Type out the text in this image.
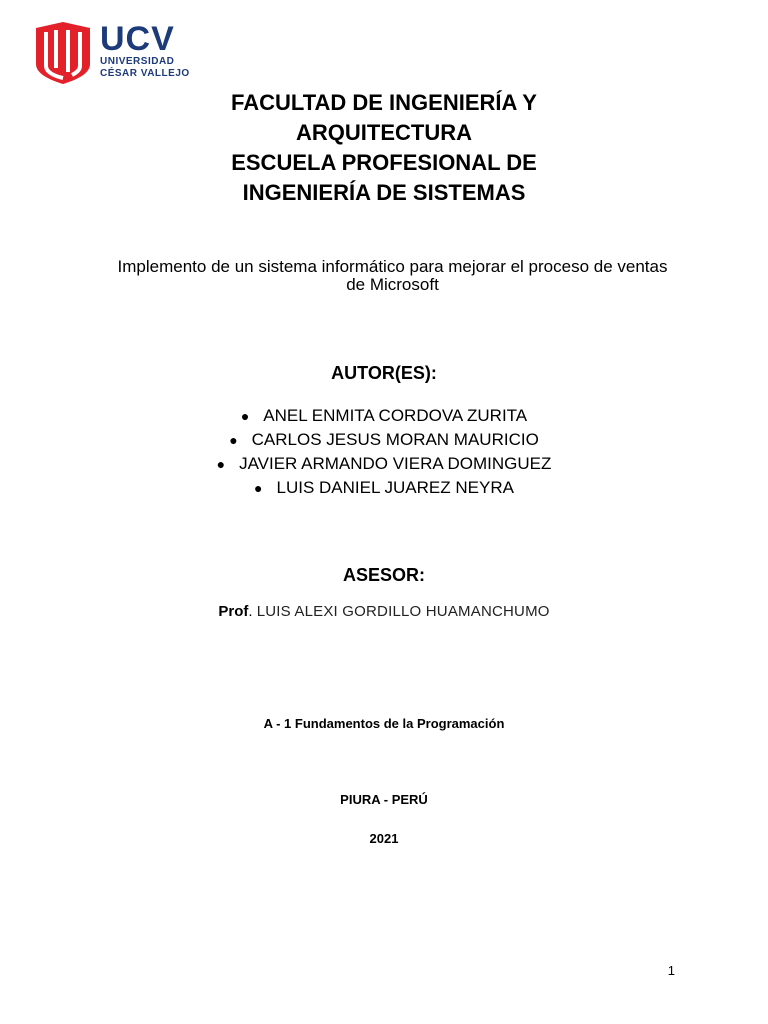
UCV
UNIVERSIDAD
CÉSAR VALLEJO
FACULTAD DE INGENIERÍA Y
ARQUITECTURA
ESCUELA PROFESIONAL DE
INGENIERÍA DE SISTEMAS
Implemento de un sistema informático para mejorar el proceso de ventas de Microsoft
AUTOR(ES):
● ANEL ENMITA CORDOVA ZURITA
● CARLOS JESUS MORAN MAURICIO
● JAVIER ARMANDO VIERA DOMINGUEZ
● LUIS DANIEL JUAREZ NEYRA
ASESOR:
Prof. LUIS ALEXI GORDILLO HUAMANCHUMO
A - 1 Fundamentos de la Programación
PIURA - PERÚ
2021
1
